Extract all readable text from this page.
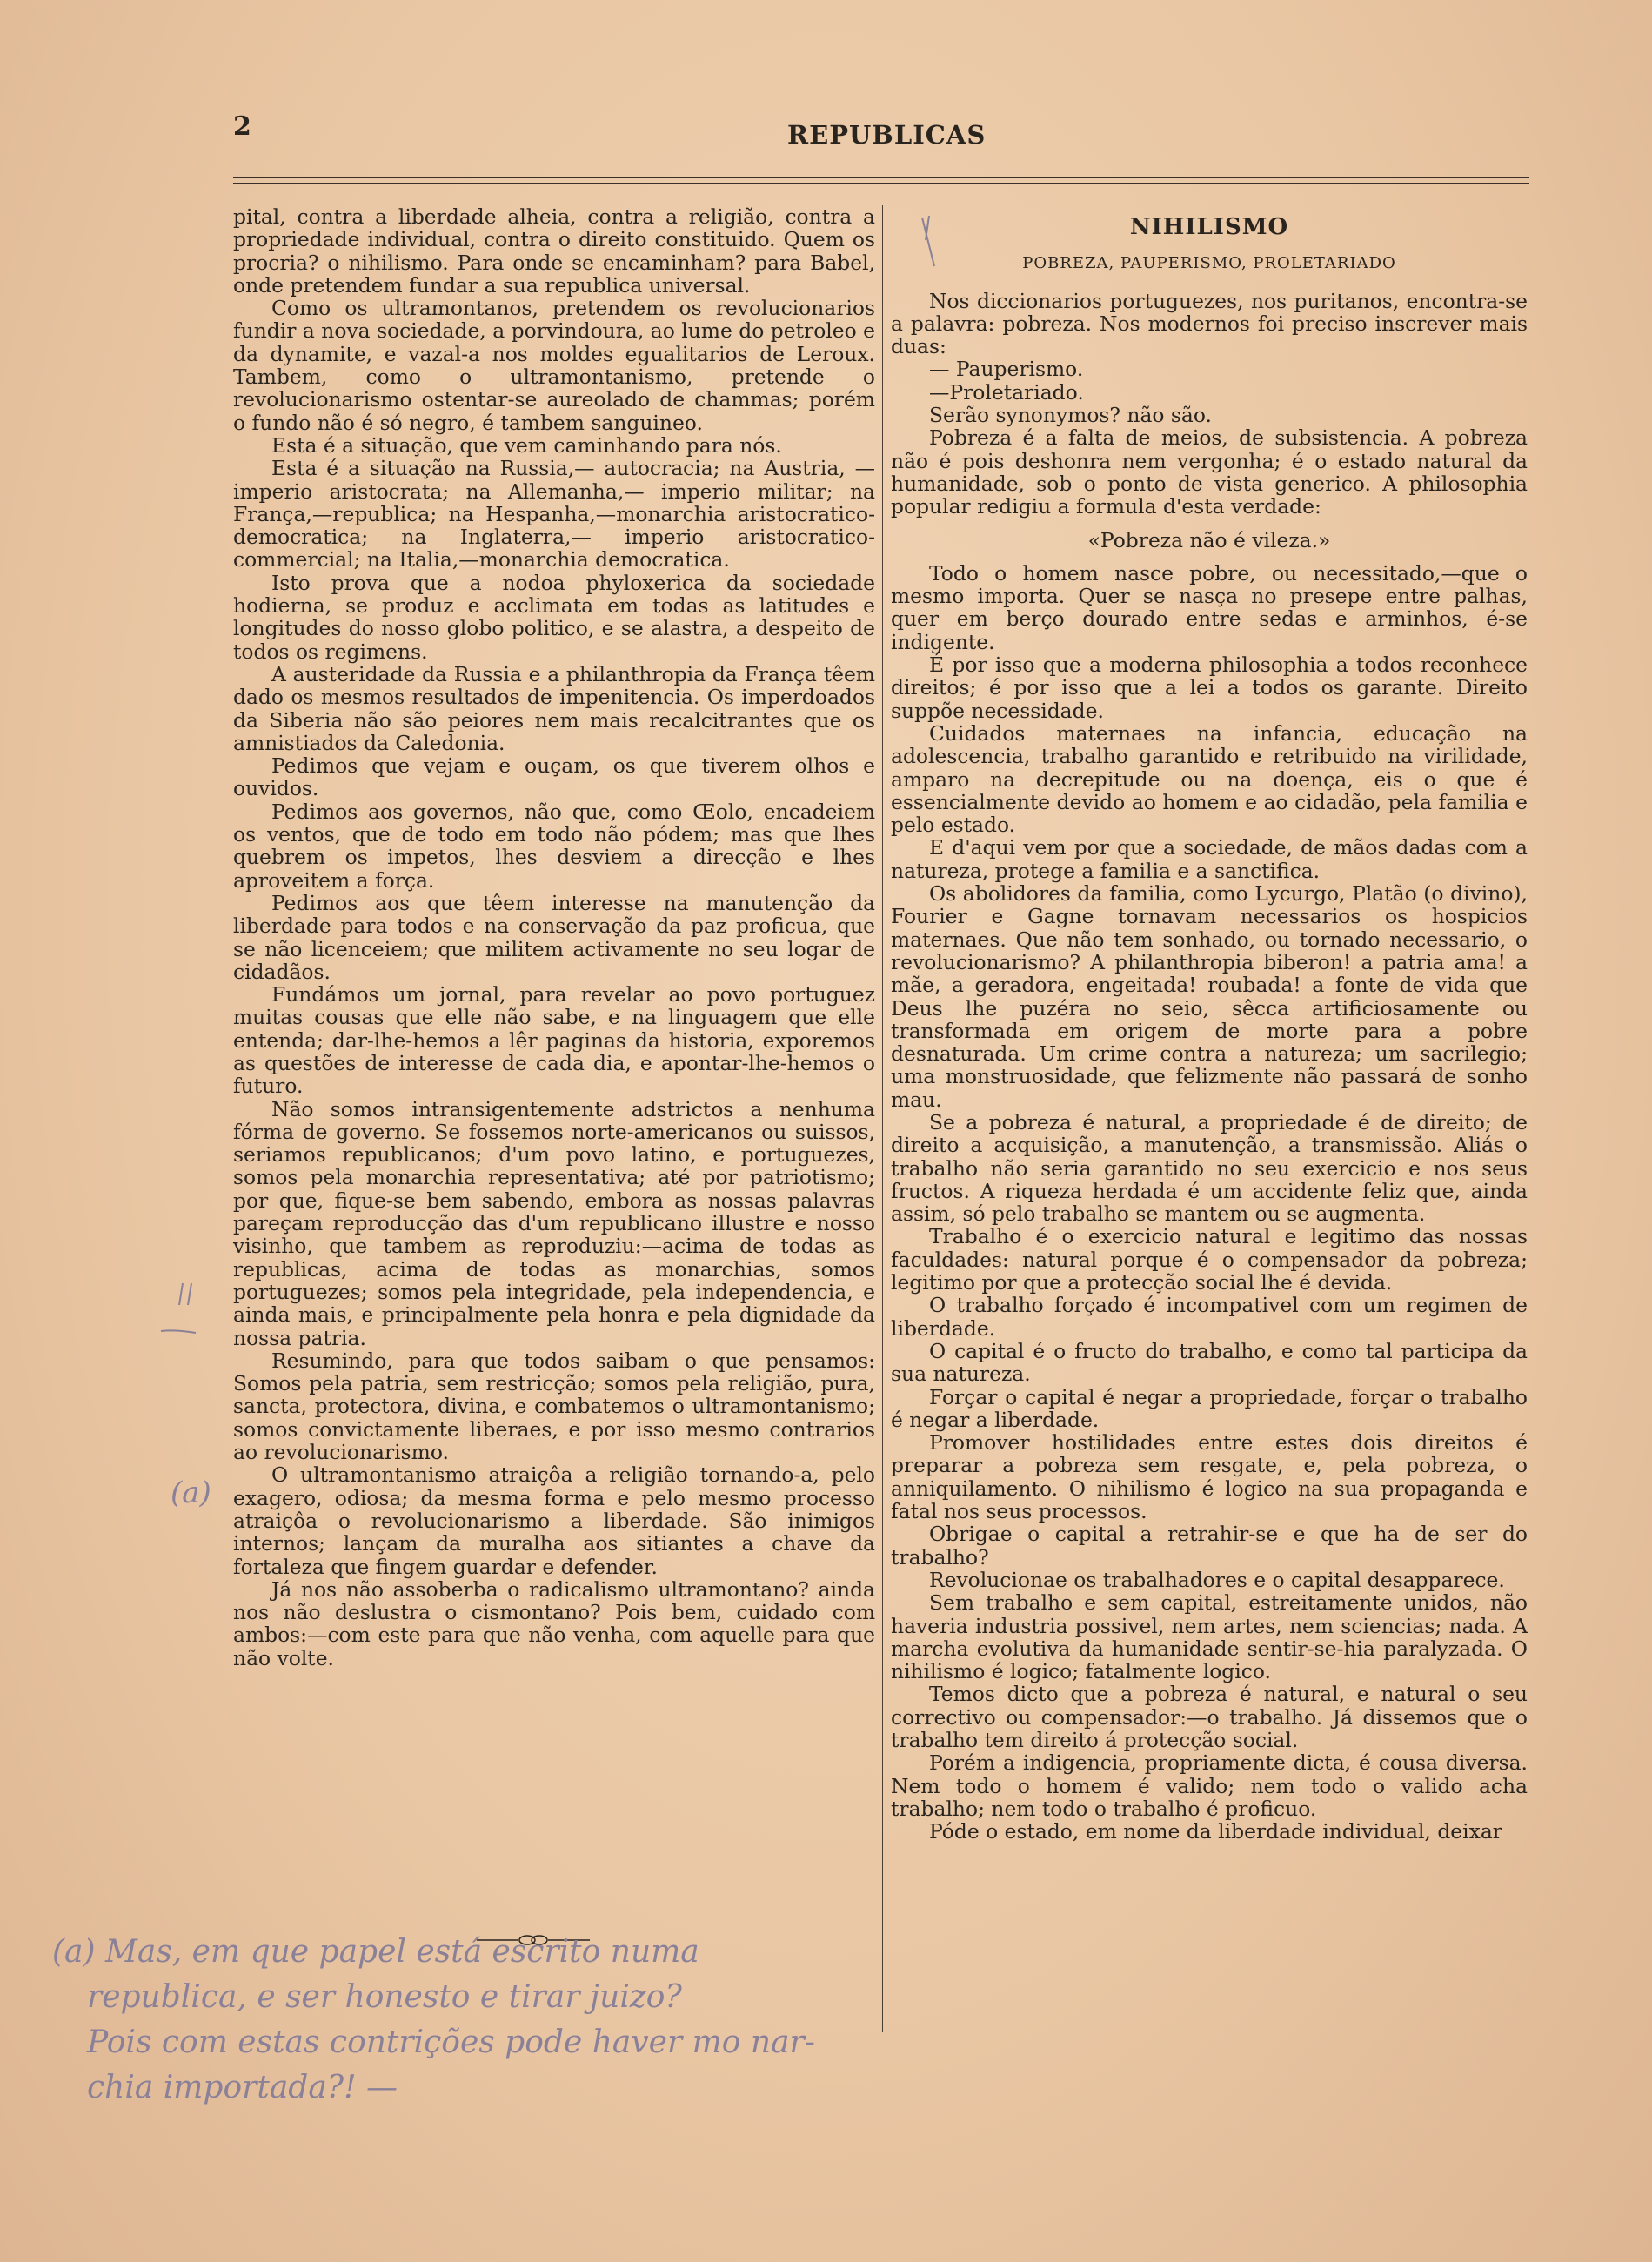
2	REPUBLICAS

pital, contra a liberdade alheia, contra a religião, contra a propriedade individual, contra o direito constituido. Quem os procria? o nihilismo. Para onde se encaminham? para Babel, onde pretendem fundar a sua republica universal.

Como os ultramontanos, pretendem os revolucionarios fundir a nova sociedade, a porvindoura, ao lume do petroleo e da dynamite, e vazal-a nos moldes egualitarios de Leroux. Tambem, como o ultramontanismo, pretende o revolucionarismo ostentar-se aureolado de chammas; porém o fundo não é só negro, é tambem sanguineo.

Esta é a situação, que vem caminhando para nós.

Esta é a situação na Russia,— autocracia; na Austria, —imperio aristocrata; na Allemanha,— imperio militar; na França,—republica; na Hespanha,—monarchia aristocratico-democratica; na Inglaterra,— imperio aristocratico-commercial; na Italia,—monarchia democratica.

Isto prova que a nodoa phyloxerica da sociedade hodierna, se produz e acclimata em todas as latitudes e longitudes do nosso globo politico, e se alastra, a despeito de todos os regimens.

A austeridade da Russia e a philanthropia da França têem dado os mesmos resultados de impenitencia. Os imperdoados da Siberia não são peiores nem mais recalcitrantes que os amnistiados da Caledonia.

Pedimos que vejam e ouçam, os que tiverem olhos e ouvidos.

Pedimos aos governos, não que, como Œolo, encadeiem os ventos, que de todo em todo não pódem; mas que lhes quebrem os impetos, lhes desviem a direcção e lhes aproveitem a força.

Pedimos aos que têem interesse na manutenção da liberdade para todos e na conservação da paz proficua, que se não licenceiem; que militem activamente no seu logar de cidadãos.

Fundámos um jornal, para revelar ao povo portuguez muitas cousas que elle não sabe, e na linguagem que elle entenda; dar-lhe-hemos a lêr paginas da historia, exporemos as questões de interesse de cada dia, e apontar-lhe-hemos o futuro.

Não somos intransigentemente adstrictos a nenhuma fórma de governo. Se fossemos norte-americanos ou suissos, seriamos republicanos; d'um povo latino, e portuguezes, somos pela monarchia representativa; até por patriotismo; por que, fique-se bem sabendo, embora as nossas palavras pareçam reproducção das d'um republicano illustre e nosso visinho, que tambem as reproduziu:—acima de todas as republicas, acima de todas as monarchias, somos portuguezes; somos pela integridade, pela independencia, e ainda mais, e principalmente pela honra e pela dignidade da nossa patria.

Resumindo, para que todos saibam o que pensamos: Somos pela patria, sem restricção; somos pela religião, pura, sancta, protectora, divina, e combatemos o ultramontanismo; somos convictamente liberaes, e por isso mesmo contrarios ao revolucionarismo.

O ultramontanismo atraiçôa a religião tornando-a, pelo exagero, odiosa; da mesma forma e pelo mesmo processo atraiçôa o revolucionarismo a liberdade. São inimigos internos; lançam da muralha aos sitiantes a chave da fortaleza que fingem guardar e defender.

Já nos não assoberba o radicalismo ultramontano? ainda nos não deslustra o cismontano? Pois bem, cuidado com ambos:—com este para que não venha, com aquelle para que não volte.

NIHILISMO
POBREZA, PAUPERISMO, PROLETARIADO

Nos diccionarios portuguezes, nos puritanos, encontra-se a palavra: pobreza. Nos modernos foi preciso inscrever mais duas:

— Pauperismo.

—Proletariado.

Serão synonymos? não são.

Pobreza é a falta de meios, de subsistencia. A pobreza não é pois deshonra nem vergonha; é o estado natural da humanidade, sob o ponto de vista generico. A philosophia popular redigiu a formula d'esta verdade:

«Pobreza não é vileza.»

Todo o homem nasce pobre, ou necessitado,—que o mesmo importa. Quer se nasça no presepe entre palhas, quer em berço dourado entre sedas e arminhos, é-se indigente.

É por isso que a moderna philosophia a todos reconhece direitos; é por isso que a lei a todos os garante. Direito suppõe necessidade.

Cuidados maternaes na infancia, educação na adolescencia, trabalho garantido e retribuido na virilidade, amparo na decrepitude ou na doença, eis o que é essencialmente devido ao homem e ao cidadão, pela familia e pelo estado.

E d'aqui vem por que a sociedade, de mãos dadas com a natureza, protege a familia e a sanctifica.

Os abolidores da familia, como Lycurgo, Platão (o divino), Fourier e Gagne tornavam necessarios os hospicios maternaes. Que não tem sonhado, ou tornado necessario, o revolucionarismo? A philanthropia biberon! a patria ama! a mãe, a geradora, engeitada! roubada! a fonte de vida que Deus lhe puzéra no seio, sêcca artificiosamente ou transformada em origem de morte para a pobre desnaturada. Um crime contra a natureza; um sacrilegio; uma monstruosidade, que felizmente não passará de sonho mau.

Se a pobreza é natural, a propriedade é de direito; de direito a acquisição, a manutenção, a transmissão. Aliás o trabalho não seria garantido no seu exercicio e nos seus fructos. A riqueza herdada é um accidente feliz que, ainda assim, só pelo trabalho se mantem ou se augmenta.

Trabalho é o exercicio natural e legitimo das nossas faculdades: natural porque é o compensador da pobreza; legitimo por que a protecção social lhe é devida.

O trabalho forçado é incompativel com um regimen de liberdade.

O capital é o fructo do trabalho, e como tal participa da sua natureza.

Forçar o capital é negar a propriedade, forçar o trabalho é negar a liberdade.

Promover hostilidades entre estes dois direitos é preparar a pobreza sem resgate, e, pela pobreza, o anniquilamento. O nihilismo é logico na sua propaganda e fatal nos seus processos.

Obrigae o capital a retrahir-se e que ha de ser do trabalho?

Revolucionae os trabalhadores e o capital desapparece.

Sem trabalho e sem capital, estreitamente unidos, não haveria industria possivel, nem artes, nem sciencias; nada. A marcha evolutiva da humanidade sentir-se-hia paralyzada. O nihilismo é logico; fatalmente logico.

Temos dicto que a pobreza é natural, e natural o seu correctivo ou compensador:—o trabalho. Já dissemos que o trabalho tem direito á protecção social.

Porém a indigencia, propriamente dicta, é cousa diversa. Nem todo o homem é valido; nem todo o valido acha trabalho; nem todo o trabalho é proficuo.

Póde o estado, em nome da liberdade individual, deixar

(a)
(a) Mas, em que papel está escrito numa
republica, e ser honesto e tirar juizo?
Pois com estas contrições pode haver mo nar-
chia importada?! —
